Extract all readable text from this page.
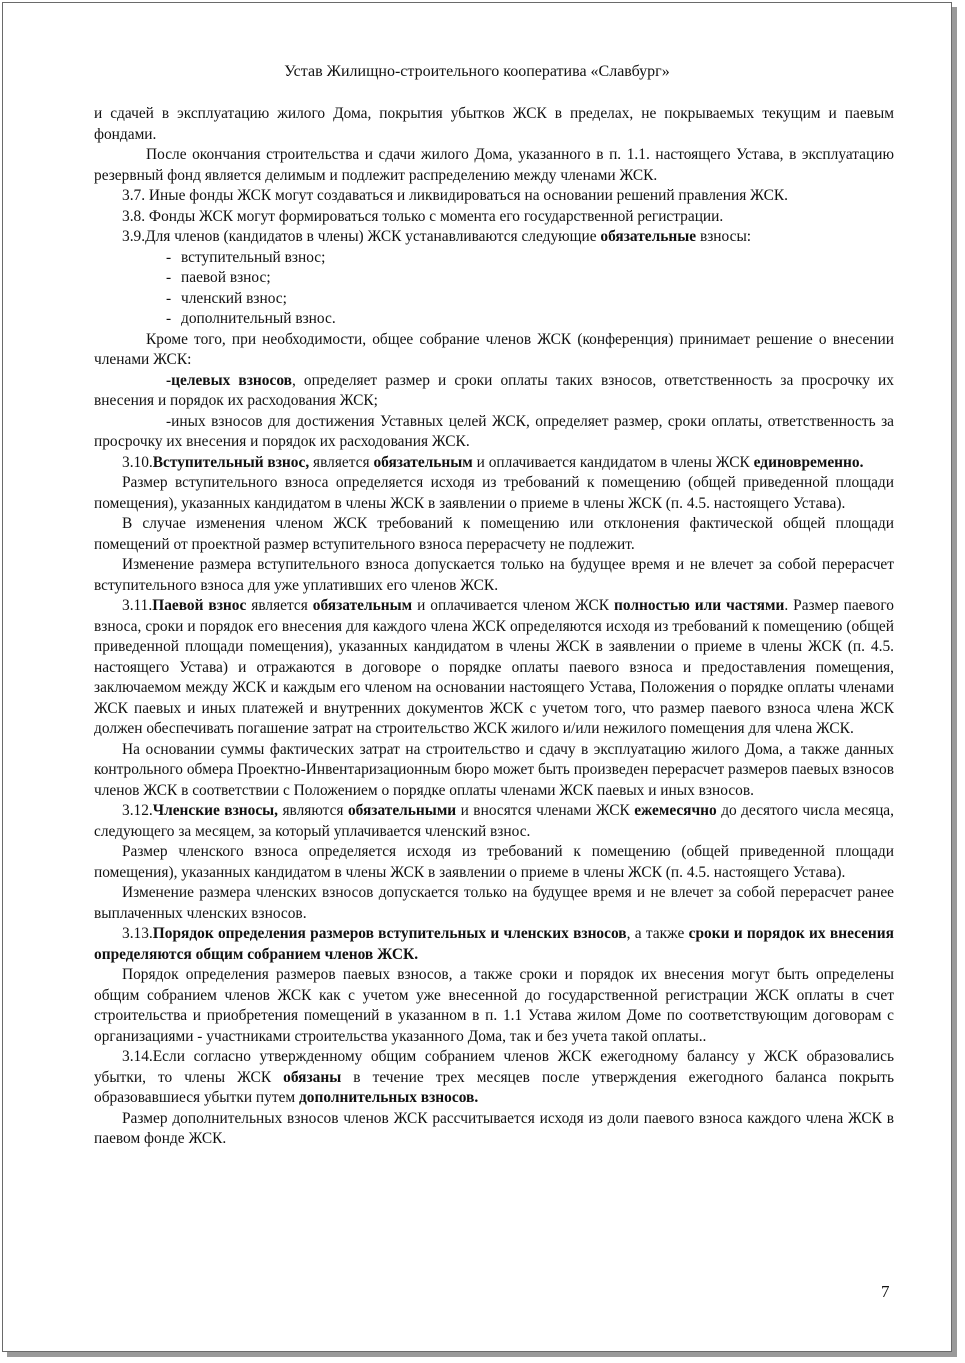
Устав Жилищно-строительного кооператива «Славбург»

и сдачей в эксплуатацию жилого Дома, покрытия убытков ЖСК в пределах, не покрываемых текущим и паевым фондами.

После окончания строительства и сдачи жилого Дома, указанного в п. 1.1. настоящего Устава, в эксплуатацию резервный фонд является делимым и подлежит распределению между членами ЖСК.

3.7. Иные фонды ЖСК могут создаваться и ликвидироваться на основании решений правления ЖСК.

3.8. Фонды ЖСК могут формироваться только с момента его государственной регистрации.

3.9.Для членов (кандидатов в члены) ЖСК устанавливаются следующие обязательные взносы:

- вступительный взнос;
- паевой взнос;
- членский взнос;
- дополнительный взнос.

Кроме того, при необходимости, общее собрание членов ЖСК (конференция) принимает решение о внесении членами ЖСК:

-целевых взносов, определяет размер и сроки оплаты таких взносов, ответственность за просрочку их внесения и порядок их расходования ЖСК;

-иных взносов для достижения Уставных целей ЖСК, определяет размер, сроки оплаты, ответственность за просрочку их внесения и порядок их расходования ЖСК.

3.10.Вступительный взнос, является обязательным и оплачивается кандидатом в члены ЖСК единовременно.

Размер вступительного взноса определяется исходя из требований к помещению (общей приведенной площади помещения), указанных кандидатом в члены ЖСК в заявлении о приеме в члены ЖСК (п. 4.5. настоящего Устава).

В случае изменения членом ЖСК требований к помещению или отклонения фактической общей площади помещений от проектной размер вступительного взноса перерасчету не подлежит.

Изменение размера вступительного взноса допускается только на будущее время и не влечет за собой перерасчет вступительного взноса для уже уплативших его членов ЖСК.

3.11.Паевой взнос является обязательным и оплачивается членом ЖСК полностью или частями. Размер паевого взноса, сроки и порядок его внесения для каждого члена ЖСК определяются исходя из требований к помещению (общей приведенной площади помещения), указанных кандидатом в члены ЖСК в заявлении о приеме в члены ЖСК (п. 4.5. настоящего Устава) и отражаются в договоре о порядке оплаты паевого взноса и предоставления помещения, заключаемом между ЖСК и каждым его членом на основании настоящего Устава, Положения о порядке оплаты членами ЖСК паевых и иных платежей и внутренних документов ЖСК с учетом того, что размер паевого взноса члена ЖСК должен обеспечивать погашение затрат на строительство ЖСК жилого и/или нежилого помещения для члена ЖСК.

На основании суммы фактических затрат на строительство и сдачу в эксплуатацию жилого Дома, а также данных контрольного обмера Проектно-Инвентаризационным бюро может быть произведен перерасчет размеров паевых взносов членов ЖСК в соответствии с Положением о порядке оплаты членами ЖСК паевых и иных взносов.

3.12.Членские взносы, являются обязательными и вносятся членами ЖСК ежемесячно до десятого числа месяца, следующего за месяцем, за который уплачивается членский взнос.

Размер членского взноса определяется исходя из требований к помещению (общей приведенной площади помещения), указанных кандидатом в члены ЖСК в заявлении о приеме в члены ЖСК (п. 4.5. настоящего Устава).

Изменение размера членских взносов допускается только на будущее время и не влечет за собой перерасчет ранее выплаченных членских взносов.

3.13.Порядок определения размеров вступительных и членских взносов, а также сроки и порядок их внесения определяются общим собранием членов ЖСК.

Порядок определения размеров паевых взносов, а также сроки и порядок их внесения могут быть определены общим собранием членов ЖСК как с учетом уже внесенной до государственной регистрации ЖСК оплаты в счет строительства и приобретения помещений в указанном в п. 1.1 Устава жилом Доме по соответствующим договорам с организациями - участниками строительства указанного Дома, так и без учета такой оплаты..

3.14.Если согласно утвержденному общим собранием членов ЖСК ежегодному балансу у ЖСК образовались убытки, то члены ЖСК обязаны в течение трех месяцев после утверждения ежегодного баланса покрыть образовавшиеся убытки путем дополнительных взносов.

Размер дополнительных взносов членов ЖСК рассчитывается исходя из доли паевого взноса каждого члена ЖСК в паевом фонде ЖСК.

7
